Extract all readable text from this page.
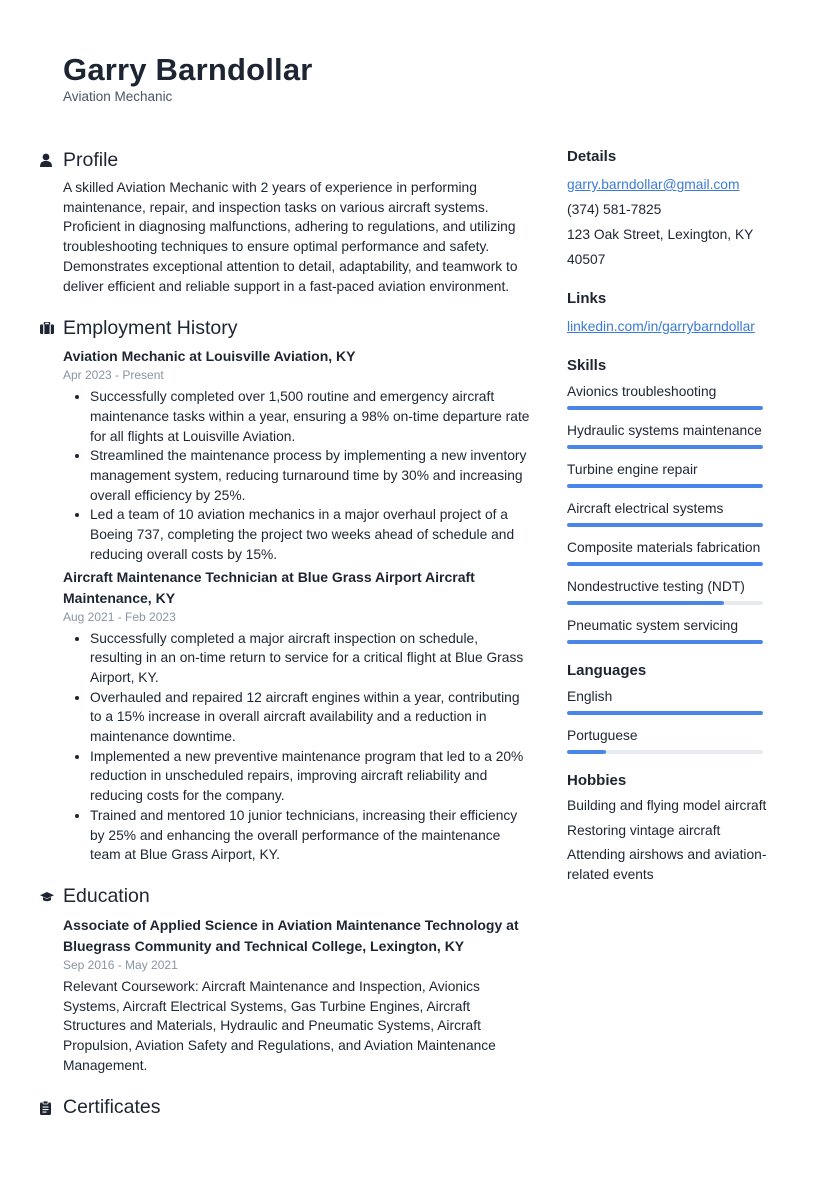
Garry Barndollar
Aviation Mechanic
Profile
A skilled Aviation Mechanic with 2 years of experience in performing maintenance, repair, and inspection tasks on various aircraft systems. Proficient in diagnosing malfunctions, adhering to regulations, and utilizing troubleshooting techniques to ensure optimal performance and safety. Demonstrates exceptional attention to detail, adaptability, and teamwork to deliver efficient and reliable support in a fast-paced aviation environment.
Employment History
Aviation Mechanic at Louisville Aviation, KY
Apr 2023 - Present
• Successfully completed over 1,500 routine and emergency aircraft maintenance tasks within a year, ensuring a 98% on-time departure rate for all flights at Louisville Aviation.
• Streamlined the maintenance process by implementing a new inventory management system, reducing turnaround time by 30% and increasing overall efficiency by 25%.
• Led a team of 10 aviation mechanics in a major overhaul project of a Boeing 737, completing the project two weeks ahead of schedule and reducing overall costs by 15%.
Aircraft Maintenance Technician at Blue Grass Airport Aircraft Maintenance, KY
Aug 2021 - Feb 2023
• Successfully completed a major aircraft inspection on schedule, resulting in an on-time return to service for a critical flight at Blue Grass Airport, KY.
• Overhauled and repaired 12 aircraft engines within a year, contributing to a 15% increase in overall aircraft availability and a reduction in maintenance downtime.
• Implemented a new preventive maintenance program that led to a 20% reduction in unscheduled repairs, improving aircraft reliability and reducing costs for the company.
• Trained and mentored 10 junior technicians, increasing their efficiency by 25% and enhancing the overall performance of the maintenance team at Blue Grass Airport, KY.
Education
Associate of Applied Science in Aviation Maintenance Technology at Bluegrass Community and Technical College, Lexington, KY
Sep 2016 - May 2021
Relevant Coursework: Aircraft Maintenance and Inspection, Avionics Systems, Aircraft Electrical Systems, Gas Turbine Engines, Aircraft Structures and Materials, Hydraulic and Pneumatic Systems, Aircraft Propulsion, Aviation Safety and Regulations, and Aviation Maintenance Management.
Certificates
Details
garry.barndollar@gmail.com
(374) 581-7825
123 Oak Street, Lexington, KY 40507
Links
linkedin.com/in/garrybarndollar
Skills
Avionics troubleshooting
Hydraulic systems maintenance
Turbine engine repair
Aircraft electrical systems
Composite materials fabrication
Nondestructive testing (NDT)
Pneumatic system servicing
Languages
English
Portuguese
Hobbies
Building and flying model aircraft
Restoring vintage aircraft
Attending airshows and aviation-related events
